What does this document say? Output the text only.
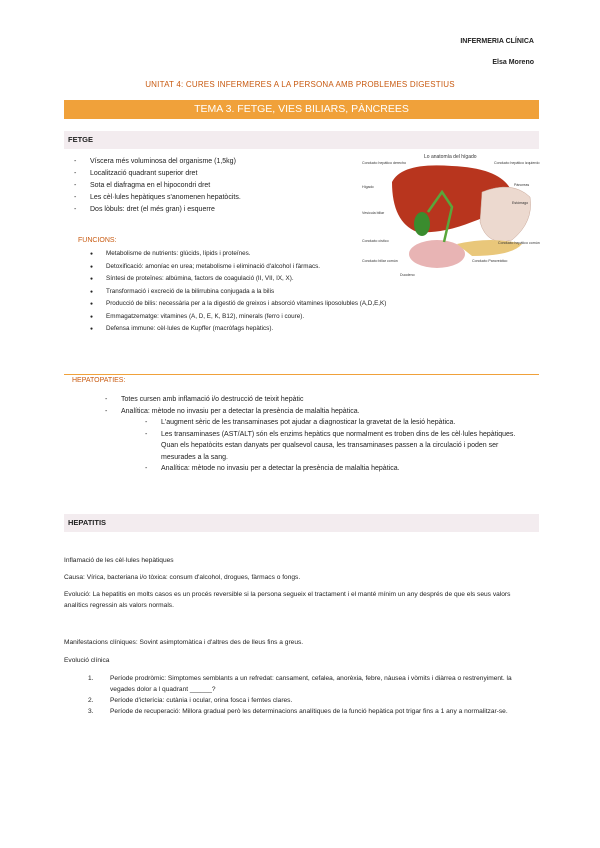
INFERMERIA CLÍNICA
Elsa Moreno
UNITAT 4: CURES INFERMERES A LA PERSONA AMB PROBLEMES DIGESTIUS
TEMA 3. FETGE, VIES BILIARS, PÀNCREES
FETGE
- Víscera més voluminosa del organisme (1,5kg)
- Localització quadrant superior dret
- Sota el diafragma en el hipocondri dret
- Les cèl·lules hepàtiques s'anomenen hepatòcits.
- Dos lòbuls: dret (el més gran) i esquerre
Lo anatomía del hígado
Conducto hepático derecho
Hígado
Vesícula biliar
Conducto cístico
Conducto biliar común
Duodeno
Conducto hepático izquierdo
Páncreas
Estómago
Conducto hepático común
Conducto Pancreático
FUNCIONS:
● Metabolisme de nutrients: glúcids, lípids i proteïnes.
● Detoxificació: amoníac en urea; metabolisme i eliminació d'alcohol i fàrmacs.
● Síntesi de proteïnes: albúmina, factors de coagulació (II, VII, IX, X).
● Transformació i excreció de la bilirrubina conjugada a la bilis
● Producció de bilis: necessària per a la digestió de greixos i absorció vitamines liposolubles (A,D,E,K)
● Emmagatzematge: vitamines (A, D, E, K, B12), minerals (ferro i coure).
● Defensa immune: cèl·lules de Kupffer (macròfags hepàtics).
HEPATOPATIES:
- Totes cursen amb inflamació i/o destrucció de teixit hepàtic
- Analítica: mètode no invasiu per a detectar la presència de malaltia hepàtica.
- L'augment sèric de les transaminases pot ajudar a diagnosticar la gravetat de la lesió hepàtica.
- Les transaminases (AST/ALT) són els enzims hepàtics que normalment es troben dins de les cèl·lules hepàtiques. Quan els hepatòcits estan danyats per qualsevol causa, les transaminases passen a la circulació i poden ser mesurades a la sang.
- Analítica: mètode no invasiu per a detectar la presència de malaltia hepàtica.
HEPATITIS
Inflamació de les cèl·lules hepàtiques
Causa: Vírica, bacteriana i/o tòxica: consum d'alcohol, drogues, fàrmacs o fongs.
Evolució: La hepatitis en molts casos es un procés reversible si la persona segueix el tractament i el manté mínim un any després de que els seus valors analítics regressin als valors normals.
Manifestacions clíniques: Sovint asimptomàtica i d'altres des de lleus fins a greus.
Evolució clínica
1.	Període prodròmic: Simptomes semblants a un refredat: cansament, cefalea, anorèxia, febre, nàusea i vòmits i diàrrea o restrenyiment. la vegades dolor a l quadrant ______?
2.	Període d'icterícia: cutània i ocular, orina fosca i femtes clares.
3.	Període de recuperació: Millora gradual però les determinacions analítiques de la funció hepàtica pot trigar fins a 1 any a normalitzar-se.
